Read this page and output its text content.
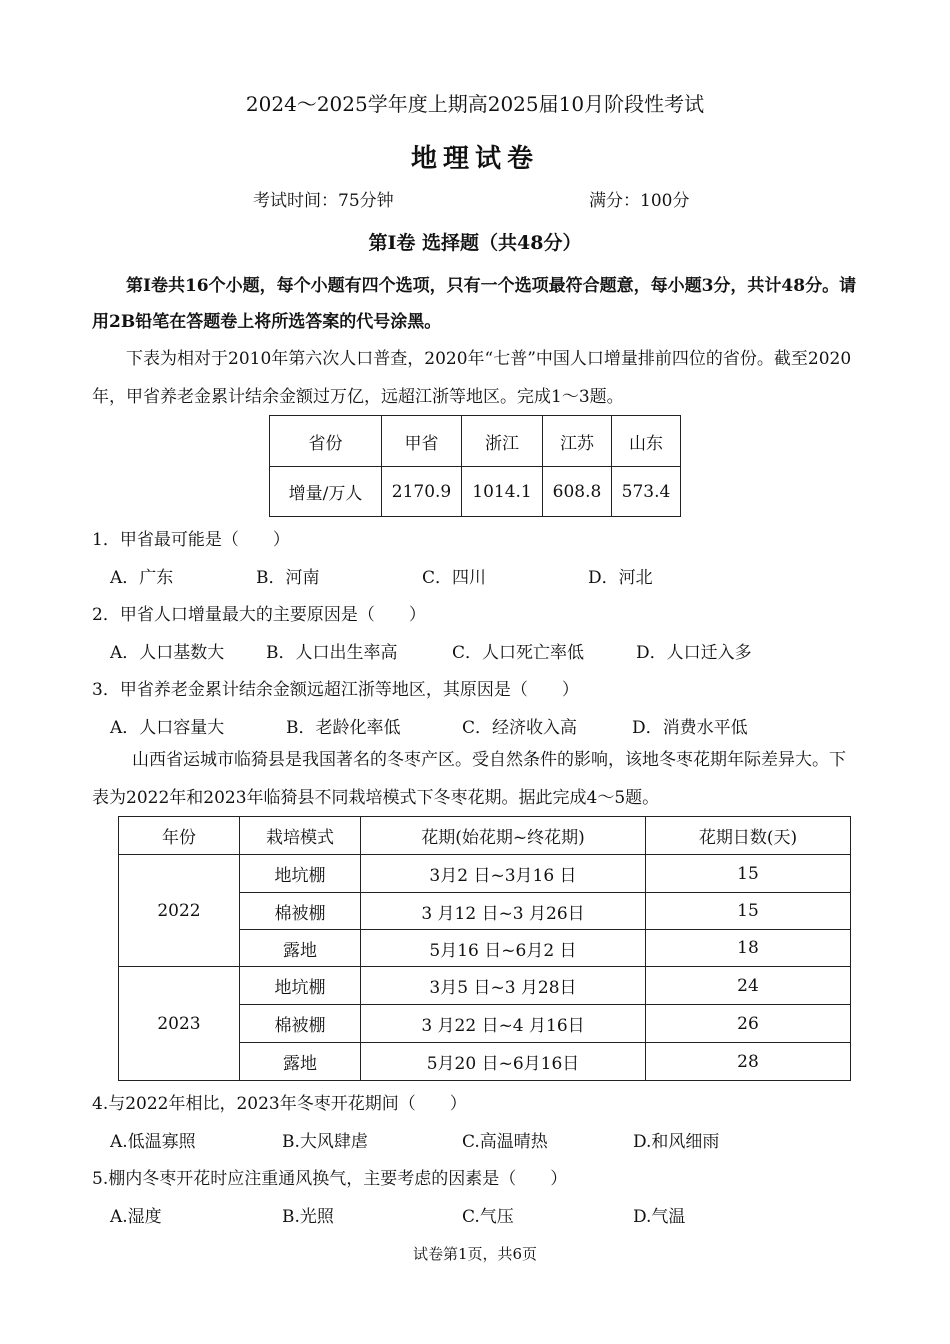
2024～2025学年度上期高2025届10月阶段性考试
地理试卷
考试时间：75分钟	满分：100分
第Ⅰ卷 选择题（共48分）
第Ⅰ卷共16个小题，每个小题有四个选项，只有一个选项最符合题意，每小题3分，共计48分。请用2B铅笔在答题卷上将所选答案的代号涂黑。
下表为相对于2010年第六次人口普查，2020年“七普”中国人口增量排前四位的省份。截至2020年，甲省养老金累计结余金额过万亿，远超江浙等地区。完成1～3题。
省份	甲省	浙江	江苏	山东
增量/万人	2170.9	1014.1	608.8	573.4
1．甲省最可能是（　　）
A．广东	B．河南	C．四川	D．河北
2．甲省人口增量最大的主要原因是（　　）
A．人口基数大 B．人口出生率高	C．人口死亡率低	D．人口迁入多
3．甲省养老金累计结余金额远超江浙等地区，其原因是（　　）
A．人口容量大	B．老龄化率低	C．经济收入高	D．消费水平低
山西省运城市临猗县是我国著名的冬枣产区。受自然条件的影响，该地冬枣花期年际差异大。下表为2022年和2023年临猗县不同栽培模式下冬枣花期。据此完成4～5题。
年份	栽培模式	花期(始花期~终花期)	花期日数(天)
2022	地坑棚	3月2 日~3月16 日	15
	棉被棚	3 月12 日~3 月26日	15
	露地	5月16 日~6月2 日	18
2023	地坑棚	3月5 日~3 月28日	24
	棉被棚	3 月22 日~4 月16日	26
	露地	5月20 日~6月16日	28
4.与2022年相比，2023年冬枣开花期间（　　）
A.低温寡照	B.大风肆虐	C.高温晴热	D.和风细雨
5.棚内冬枣开花时应注重通风换气，主要考虑的因素是（　　）
A.湿度	B.光照	C.气压	D.气温
试卷第1页，共6页
